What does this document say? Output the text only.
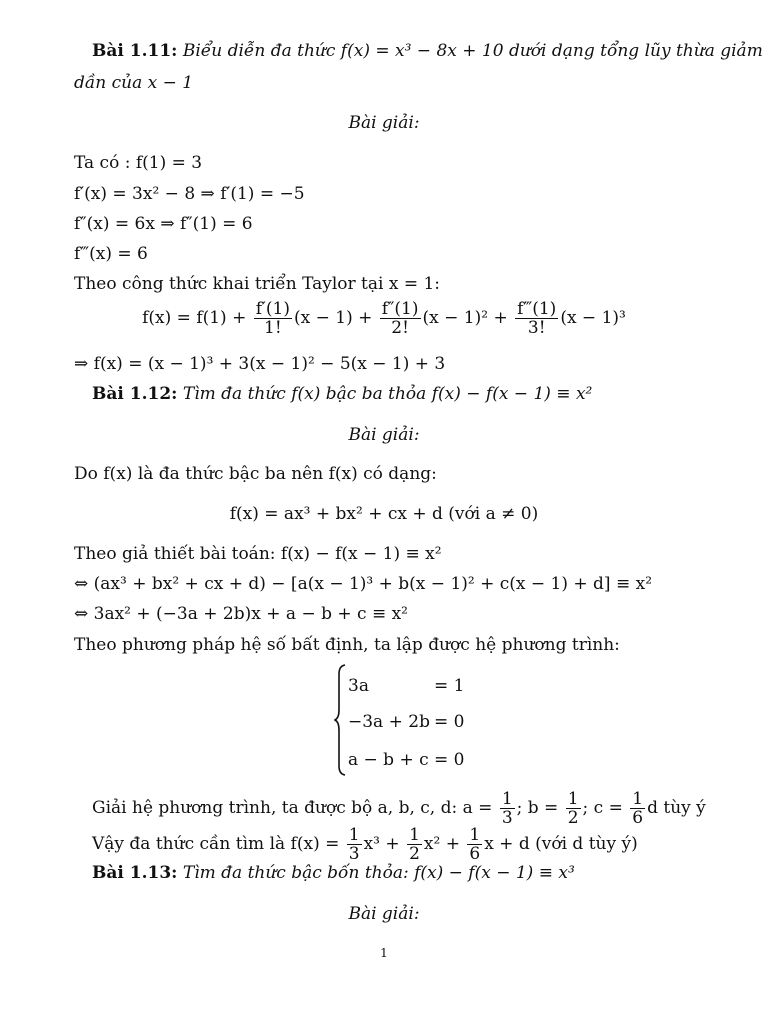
Bài 1.11: Biểu diễn đa thức f(x) = x³ − 8x + 10 dưới dạng tổng lũy thừa giảm
dần của x − 1
Bài giải:
Ta có : f(1) = 3
f′(x) = 3x² − 8 ⇒ f′(1) = −5
f″(x) = 6x ⇒ f″(1) = 6
f‴(x) = 6
Theo công thức khai triển Taylor tại x = 1:
$f(x) = f(1) + \frac{f'(1)}{1!} (x - 1) + \frac{f''(1)}{2!} (x - 1)^2 + \frac{f‴(1)}{3!} (x - 1)^3$
⇒ f(x) = (x − 1)³ + 3(x − 1)² − 5(x − 1) + 3
Bài 1.12: Tìm đa thức f(x) bậc ba thỏa f(x) − f(x − 1) ≡ x²
Bài giải:
Do f(x) là đa thức bậc ba nên f(x) có dạng:
f(x) = ax³ + bx² + cx + d (với a ≠ 0)
Theo giả thiết bài toán: f(x) − f(x − 1) ≡ x²
⇔ (ax³ + bx² + cx + d) − [a(x − 1)³ + b(x − 1)² + c(x − 1) + d] ≡ x²
⇔ 3ax² + (−3a + 2b)x + a − b + c ≡ x²
Theo phương pháp hệ số bất định, ta lập được hệ phương trình:
3a	= 1
−3a + 2b = 0
a − b + c = 0
Giải hệ phương trình, ta được bộ a, b, c, d: $a = \frac{1}{3}$ ; $b = \frac{1}{2}$ ; $c = \frac{1}{6}$ d tùy ý
Vậy đa thức cần tìm là $f(x) = \frac{1}{3} x^3 + \frac{1}{2} x^2 + \frac{1}{6}$ x + d (với d tùy ý)
Bài 1.13: Tìm đa thức bậc bốn thỏa: f(x) − f(x − 1) ≡ x³
Bài giải:
1
